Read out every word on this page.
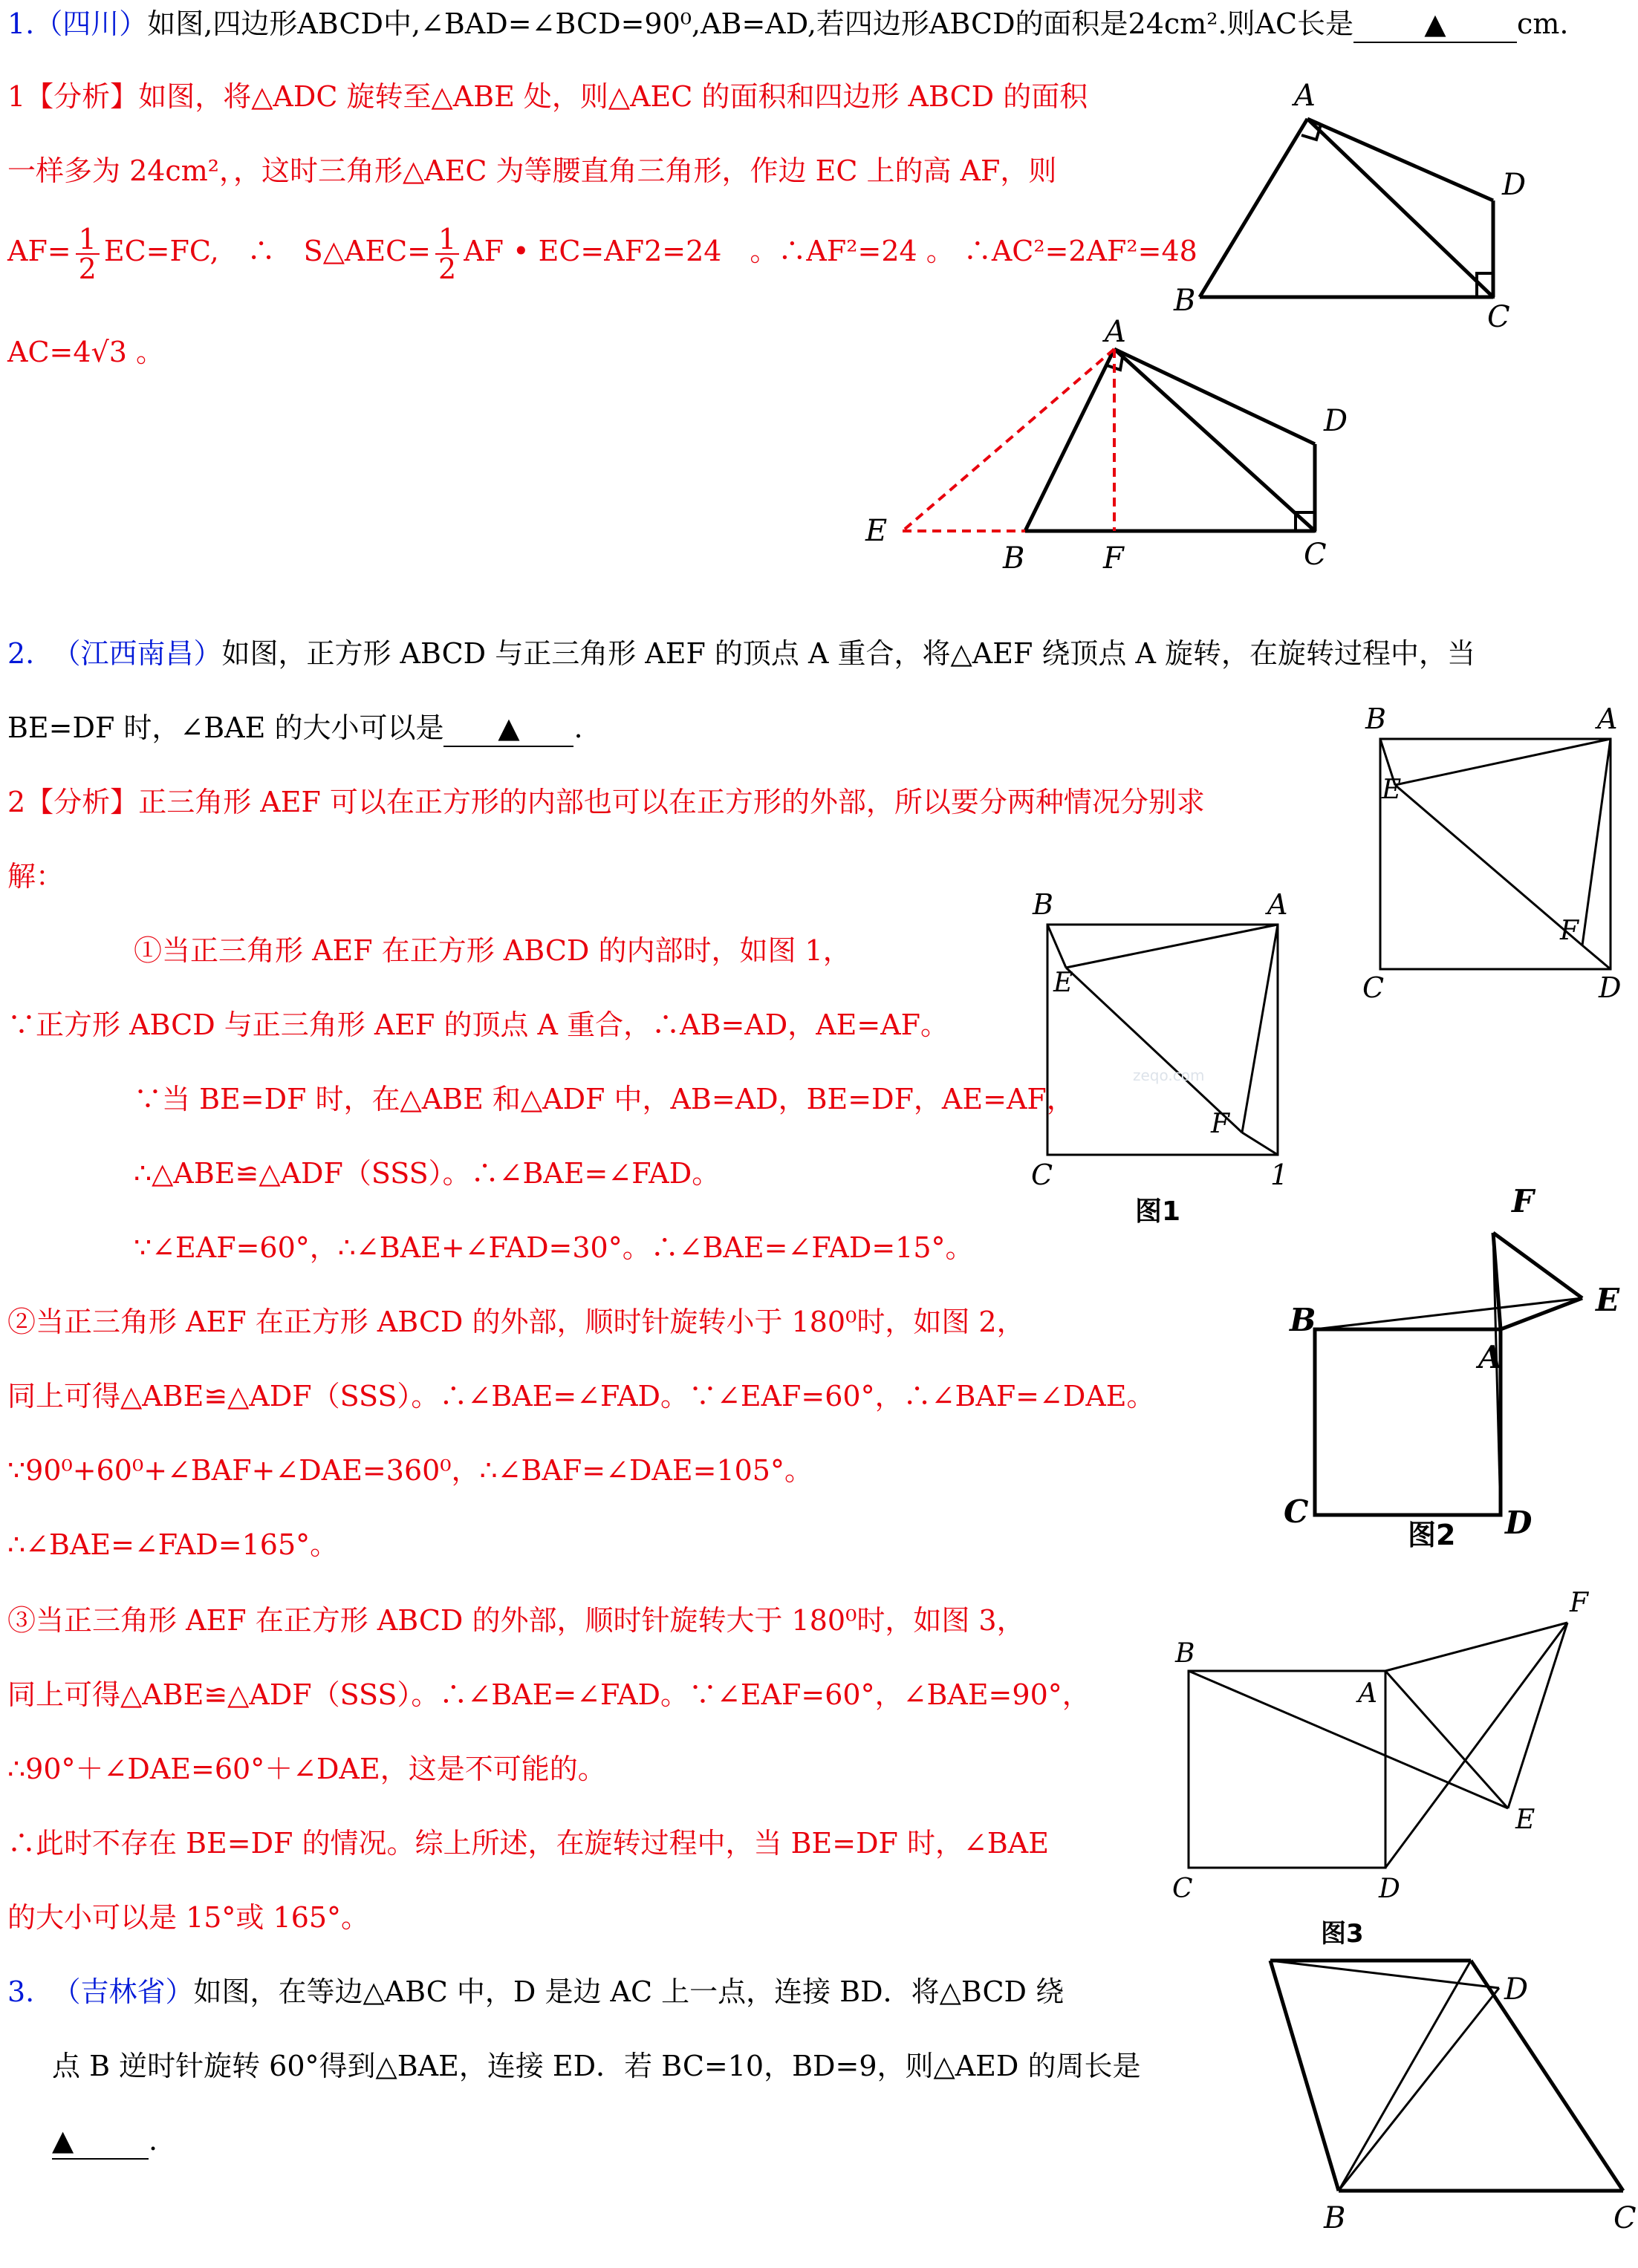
1.（四川）如图,四边形ABCD中,∠BAD=∠BCD=90⁰,AB=AD,若四边形ABCD的面积是24cm².则AC长是	▲	cm.
1【分析】如图，将△ADC 旋转至△ABE 处，则△AEC 的面积和四边形 ABCD 的面积
一样多为 24cm²，，这时三角形△AEC 为等腰直角三角形，作边 EC 上的高 AF，则
$AF= \frac{1}{2} EC=FC$,　∴　S△AEC= $\frac{1}{2}$ AF • EC=AF2=24　。∴AF²=24 。 ∴AC²=2AF²=48
AC=4√3 。
A
B	C
D
A
B	C
D
E
F
2. （江西南昌）如图，正方形 ABCD 与正三角形 AEF 的顶点 A 重合，将△AEF 绕顶点 A 旋转，在旋转过程中，当
BE=DF 时，∠BAE 的大小可以是 ▲ .
2【分析】正三角形 AEF 可以在正方形的内部也可以在正方形的外部，所以要分两种情况分别求
解：
①当正三角形 AEF 在正方形 ABCD 的内部时，如图 1，
∵正方形 ABCD 与正三角形 AEF 的顶点 A 重合，∴AB=AD，AE=AF。
∵当 BE=DF 时，在△ABE 和△ADF 中，AB=AD，BE=DF，AE=AF，
∴△ABE≌△ADF（SSS）。∴∠BAE=∠FAD。
∵∠EAF=60°，∴∠BAE+∠FAD=30°。∴∠BAE=∠FAD=15°。
②当正三角形 AEF 在正方形 ABCD 的外部，顺时针旋转小于 180⁰时，如图 2，
同上可得△ABE≌△ADF（SSS）。∴∠BAE=∠FAD。∵∠EAF=60°，∴∠BAF=∠DAE。
∵90⁰+60⁰+∠BAF+∠DAE=360⁰，∴∠BAF=∠DAE=105°。
∴∠BAE=∠FAD=165°。
③当正三角形 AEF 在正方形 ABCD 的外部，顺时针旋转大于 180⁰时，如图 3，
同上可得△ABE≌△ADF（SSS）。∴∠BAE=∠FAD。∵∠EAF=60°，∠BAE=90°，
∴90°＋∠DAE=60°＋∠DAE，这是不可能的。
∴此时不存在 BE=DF 的情况。综上所述，在旋转过程中，当 BE=DF 时，∠BAE
的大小可以是 15°或 165°。
B	A
C	D
E
F
B	A
C	1
E
F
zeqo.com
图1	F
E
B
A
C	D
图2
B
A
F
E
C	D
图3
3. （吉林省）如图，在等边△ABC 中，D 是边 AC 上一点，连接 BD．将△BCD 绕
点 B 逆时针旋转 60°得到△BAE，连接 ED．若 BC=10，BD=9，则△AED 的周长是
▲	.
D
B	C
